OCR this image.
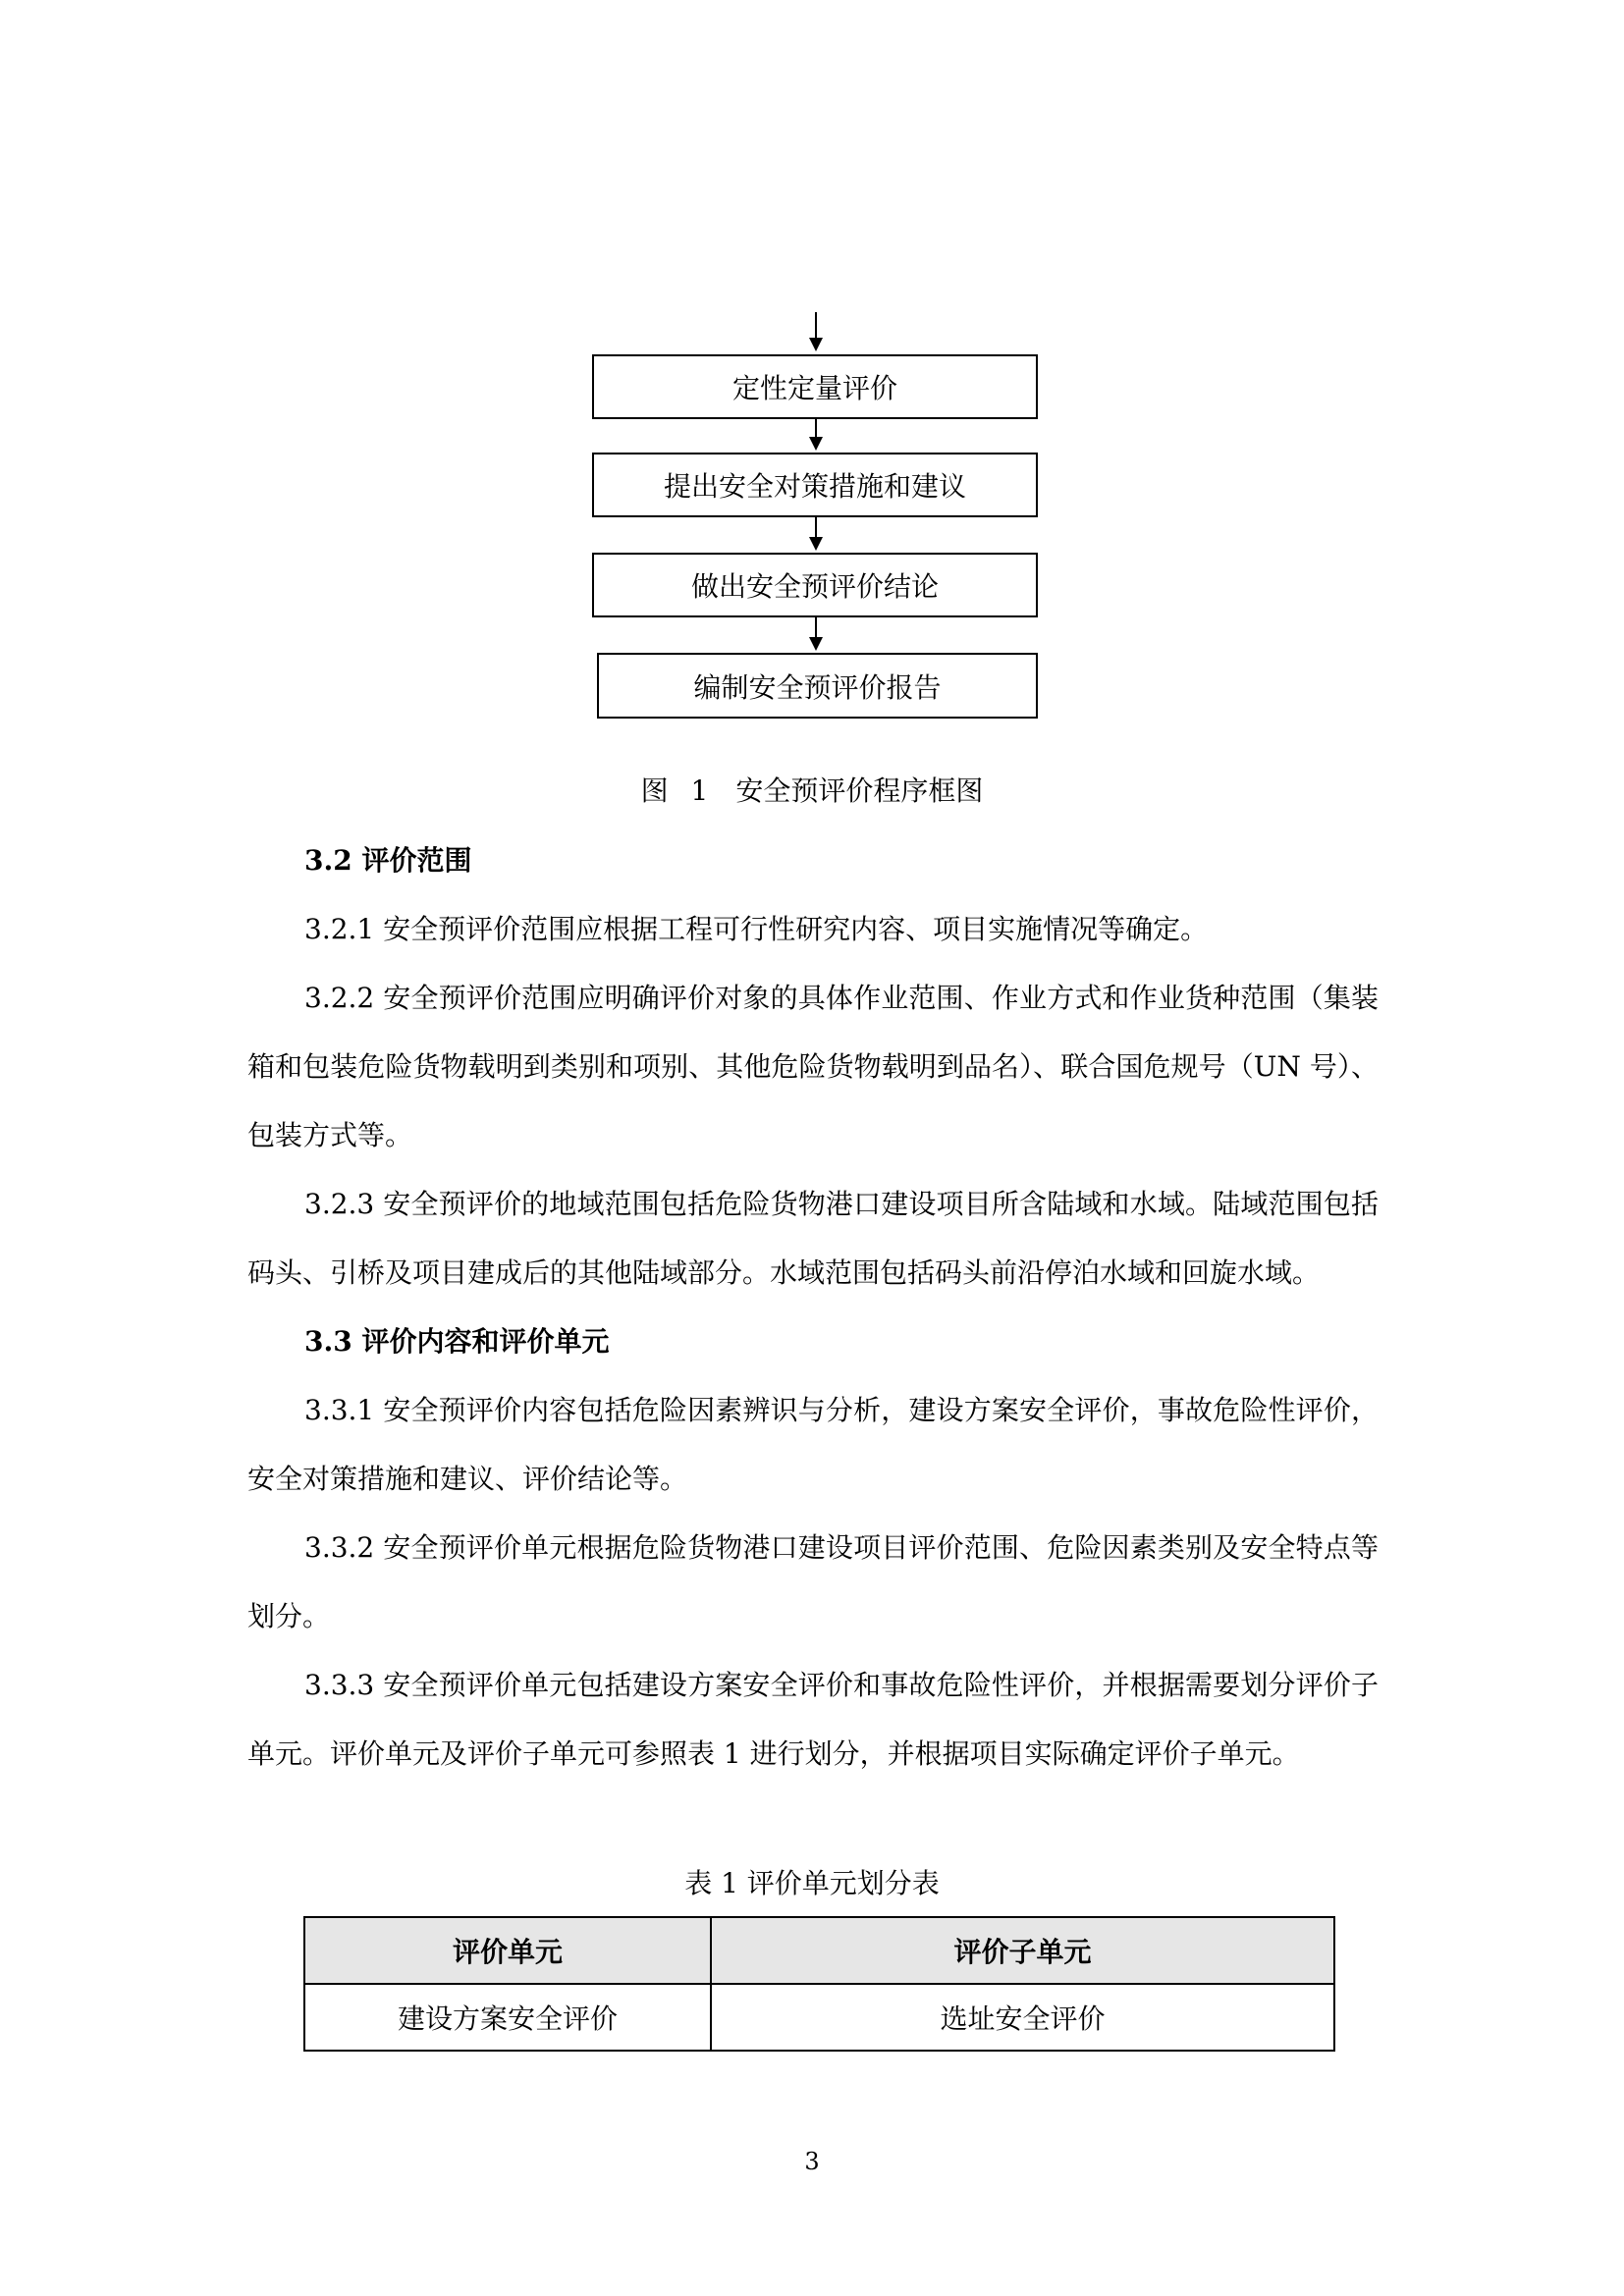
定性定量评价
提出安全对策措施和建议
做出安全预评价结论
编制安全预评价报告
图 1　安全预评价程序框图
3.2 评价范围

3.2.1 安全预评价范围应根据工程可行性研究内容、项目实施情况等确定。

3.2.2 安全预评价范围应明确评价对象的具体作业范围、作业方式和作业货种范围（集装箱和包装危险货物载明到类别和项别、其他危险货物载明到品名）、联合国危规号（UN 号）、包装方式等。

3.2.3 安全预评价的地域范围包括危险货物港口建设项目所含陆域和水域。陆域范围包括码头、引桥及项目建成后的其他陆域部分。水域范围包括码头前沿停泊水域和回旋水域。

3.3 评价内容和评价单元

3.3.1 安全预评价内容包括危险因素辨识与分析，建设方案安全评价，事故危险性评价，安全对策措施和建议、评价结论等。

3.3.2 安全预评价单元根据危险货物港口建设项目评价范围、危险因素类别及安全特点等划分。

3.3.3 安全预评价单元包括建设方案安全评价和事故危险性评价，并根据需要划分评价子单元。评价单元及评价子单元可参照表 1 进行划分，并根据项目实际确定评价子单元。

表 1 评价单元划分表
评价单元	评价子单元
建设方案安全评价	选址安全评价
3
